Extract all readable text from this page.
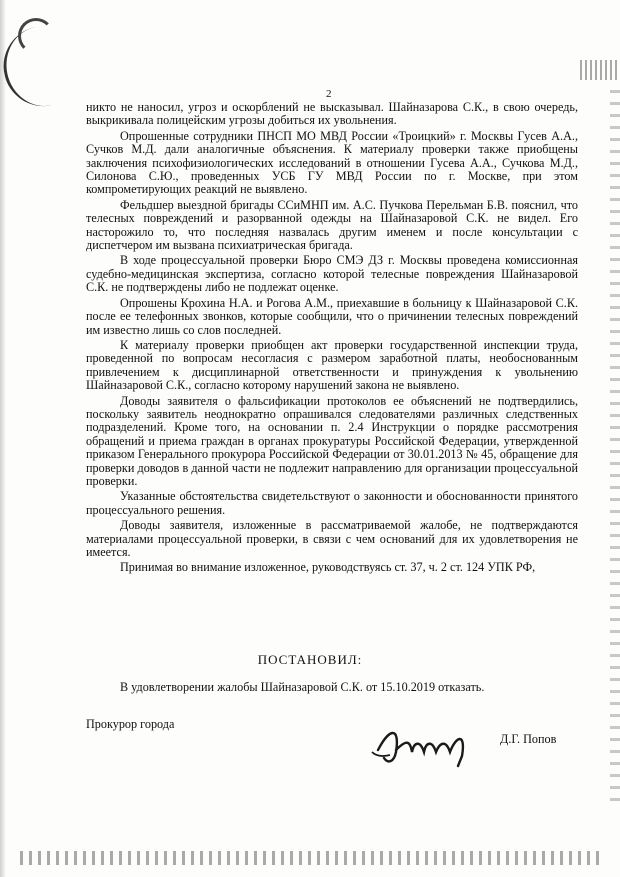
2

никто не наносил, угроз и оскорблений не высказывал. Шайназарова С.К., в свою очередь, выкрикивала полицейским угрозы добиться их увольнения.

Опрошенные сотрудники ПНСП МО МВД России «Троицкий» г. Москвы Гусев А.А., Сучков М.Д. дали аналогичные объяснения. К материалу проверки также приобщены заключения психофизиологических исследований в отношении Гусева А.А., Сучкова М.Д., Силонова С.Ю., проведенных УСБ ГУ МВД России по г. Москве, при этом компрометирующих реакций не выявлено.

Фельдшер выездной бригады ССиМНП им. А.С. Пучкова Перельман Б.В. пояснил, что телесных повреждений и разорванной одежды на Шайназаровой С.К. не видел. Его насторожило то, что последняя назвалась другим именем и после консультации с диспетчером им вызвана психиатрическая бригада.

В ходе процессуальной проверки Бюро СМЭ ДЗ г. Москвы проведена комиссионная судебно-медицинская экспертиза, согласно которой телесные повреждения Шайназаровой С.К. не подтверждены либо не подлежат оценке.

Опрошены Крохина Н.А. и Рогова А.М., приехавшие в больницу к Шайназаровой С.К. после ее телефонных звонков, которые сообщили, что о причинении телесных повреждений им известно лишь со слов последней.

К материалу проверки приобщен акт проверки государственной инспекции труда, проведенной по вопросам несогласия с размером заработной платы, необоснованным привлечением к дисциплинарной ответственности и принуждения к увольнению Шайназаровой С.К., согласно которому нарушений закона не выявлено.

Доводы заявителя о фальсификации протоколов ее объяснений не подтвердились, поскольку заявитель неоднократно опрашивался следователями различных следственных подразделений. Кроме того, на основании п. 2.4 Инструкции о порядке рассмотрения обращений и приема граждан в органах прокуратуры Российской Федерации, утвержденной приказом Генерального прокурора Российской Федерации от 30.01.2013 № 45, обращение для проверки доводов в данной части не подлежит направлению для организации процессуальной проверки.

Указанные обстоятельства свидетельствуют о законности и обоснованности принятого процессуального решения.

Доводы заявителя, изложенные в рассматриваемой жалобе, не подтверждаются материалами процессуальной проверки, в связи с чем оснований для их удовлетворения не имеется.

Принимая во внимание изложенное, руководствуясь ст. 37, ч. 2 ст. 124 УПК РФ,

ПОСТАНОВИЛ:
В удовлетворении жалобы Шайназаровой С.К. от 15.10.2019 отказать.
Прокурор города
Д.Г. Попов
